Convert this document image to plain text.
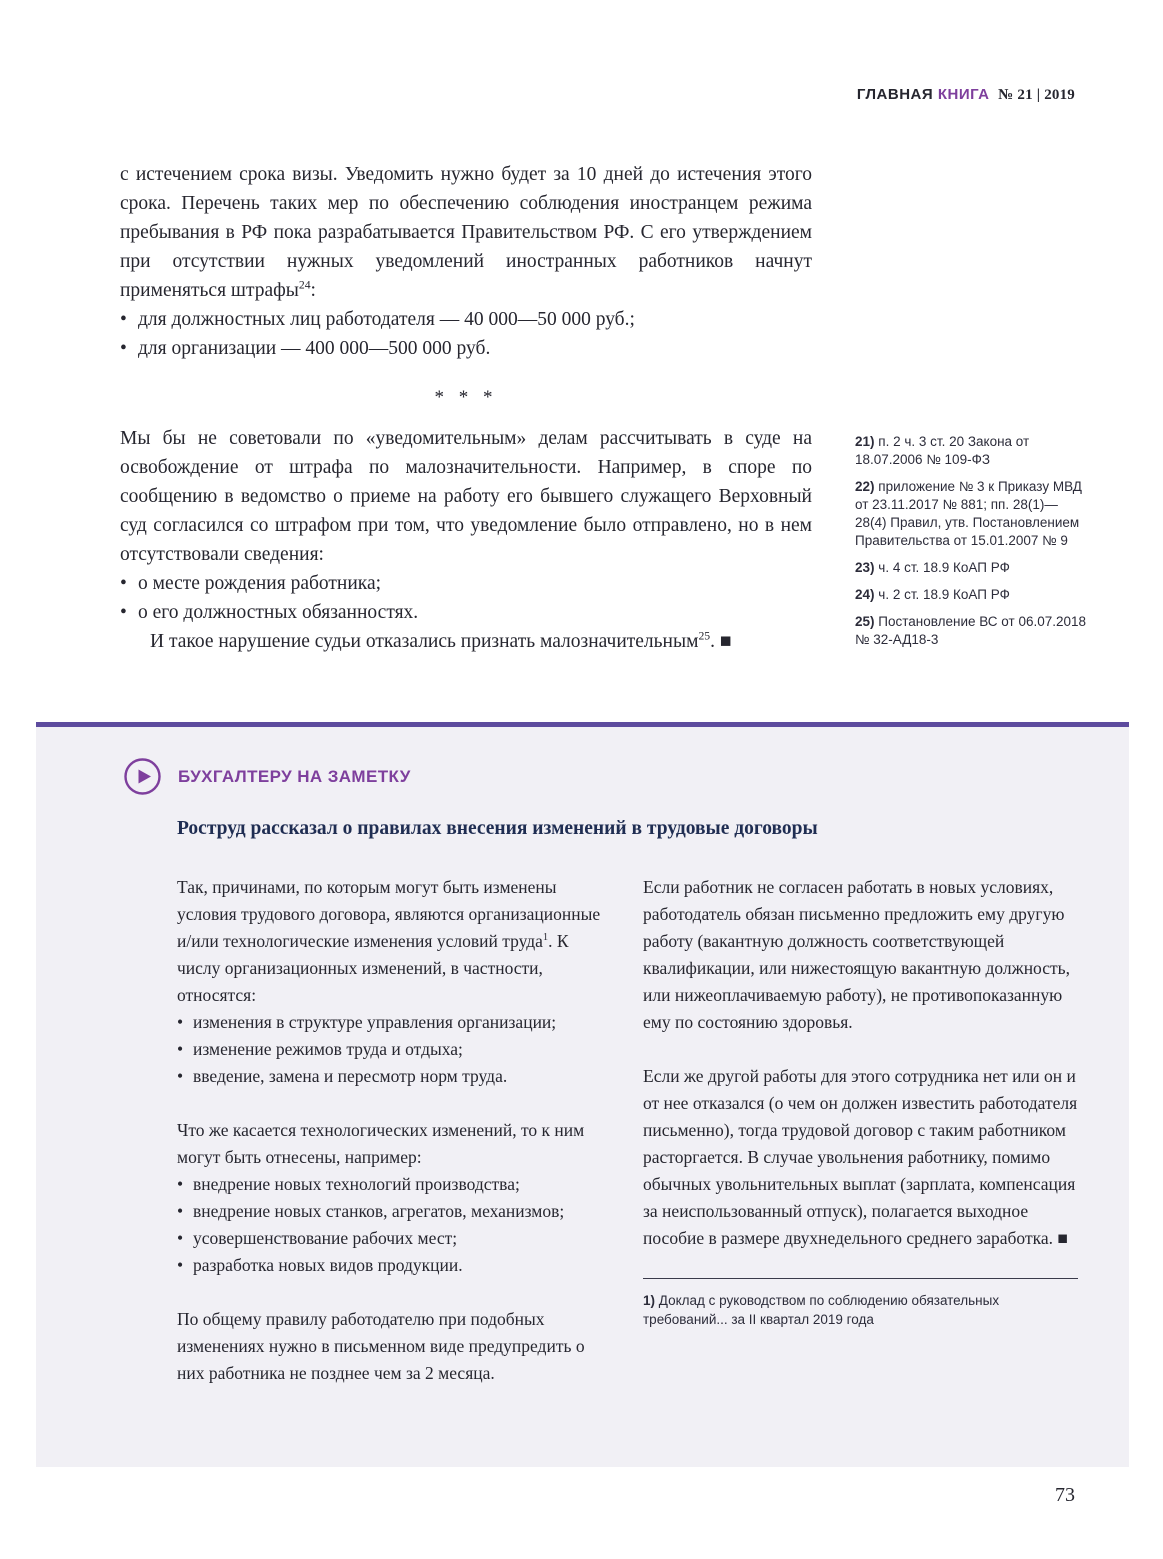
ГЛАВНАЯ КНИГА № 21 | 2019

с истечением срока визы. Уведомить нужно будет за 10 дней до истечения этого срока. Перечень таких мер по обеспечению соблюдения иностранцем режима пребывания в РФ пока разрабатывается Правительством РФ. С его утверждением при отсутствии нужных уведомлений иностранных работников начнут применяться штрафы$^{24}$:

• для должностных лиц работодателя — 40 000—50 000 руб.;
• для организации — 400 000—500 000 руб.
* * *

Мы бы не советовали по «уведомительным» делам рассчитывать в суде на освобождение от штрафа по малозначительности. Например, в споре по сообщению в ведомство о приеме на работу его бывшего служащего Верховный суд согласился со штрафом при том, что уведомление было отправлено, но в нем отсутствовали сведения:

• о месте рождения работника;
• о его должностных обязанностях.

И такое нарушение судьи отказались признать малозначительным$^{25}$. ■

21) п. 2 ч. 3 ст. 20 Закона от 18.07.2006 № 109-ФЗ
22) приложение № 3 к Приказу МВД от 23.11.2017 № 881; пп. 28(1)—28(4) Правил, утв. Постановлением Правительства от 15.01.2007 № 9
23) ч. 4 ст. 18.9 КоАП РФ
24) ч. 2 ст. 18.9 КоАП РФ
25) Постановление ВС от 06.07.2018 № 32-АД18-3
БУХГАЛТЕРУ НА ЗАМЕТКУ
Роструд рассказал о правилах внесения изменений в трудовые договоры

Так, причинами, по которым могут быть изменены условия трудового договора, являются организационные и/или технологические изменения условий труда$^1$. К числу организационных изменений, в частности, относятся:

• изменения в структуре управления организации;
• изменение режимов труда и отдыха;
• введение, замена и пересмотр норм труда.

Что же касается технологических изменений, то к ним могут быть отнесены, например:

• внедрение новых технологий производства;
• внедрение новых станков, агрегатов, механизмов;
• усовершенствование рабочих мест;
• разработка новых видов продукции.

По общему правилу работодателю при подобных изменениях нужно в письменном виде предупредить о них работника не позднее чем за 2 месяца.

Если работник не согласен работать в новых условиях, работодатель обязан письменно предложить ему другую работу (вакантную должность соответствующей квалификации, или нижестоящую вакантную должность, или нижеоплачиваемую работу), не противопоказанную ему по состоянию здоровья.

Если же другой работы для этого сотрудника нет или он и от нее отказался (о чем он должен известить работодателя письменно), тогда трудовой договор с таким работником расторгается. В случае увольнения работнику, помимо обычных увольнительных выплат (зарплата, компенсация за неиспользованный отпуск), полагается выходное пособие в размере двухнедельного среднего заработка. ■

1) Доклад с руководством по соблюдению обязательных требований... за II квартал 2019 года
73
